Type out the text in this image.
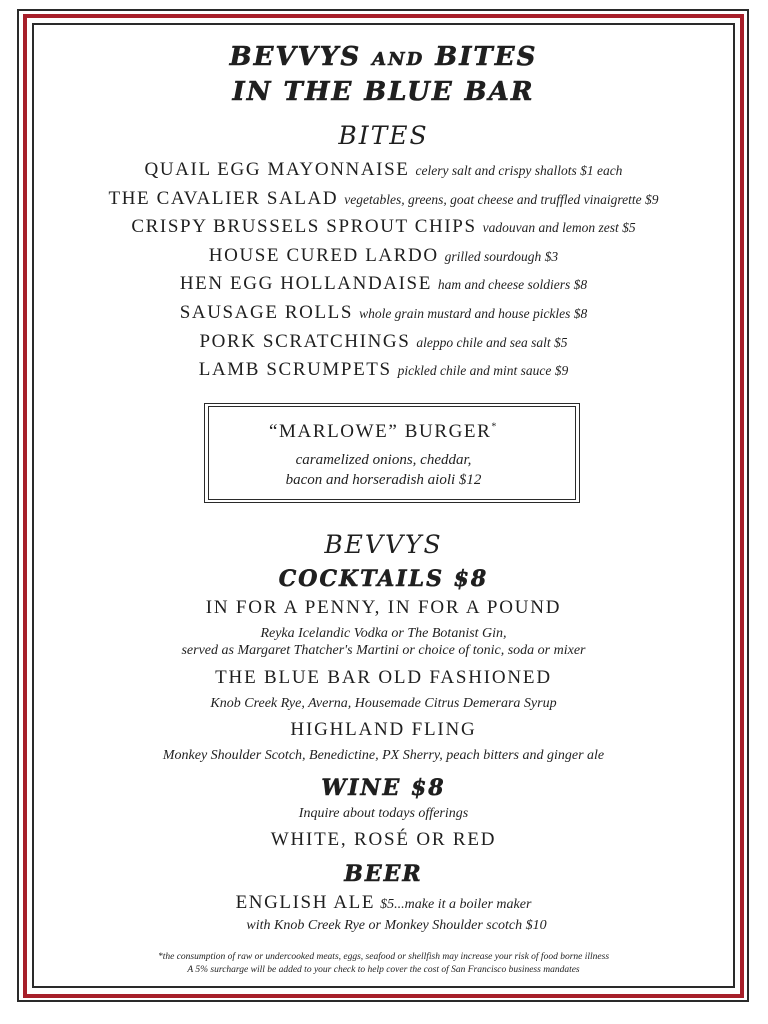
BEVVYS and BITES
IN THE BLUE BAR
BITES
QUAIL EGG MAYONNAISE celery salt and crispy shallots $1 each
THE CAVALIER SALAD vegetables, greens, goat cheese and truffled vinaigrette $9
CRISPY BRUSSELS SPROUT CHIPS vadouvan and lemon zest $5
HOUSE CURED LARDO grilled sourdough $3
HEN EGG HOLLANDAISE ham and cheese soldiers $8
SAUSAGE ROLLS whole grain mustard and house pickles $8
PORK SCRATCHINGS aleppo chile and sea salt $5
LAMB SCRUMPETS pickled chile and mint sauce $9
“MARLOWE” BURGER*
caramelized onions, cheddar,
bacon and horseradish aioli $12
BEVVYS
COCKTAILS $8
IN FOR A PENNY, IN FOR A POUND
Reyka Icelandic Vodka or The Botanist Gin,
served as Margaret Thatcher's Martini or choice of tonic, soda or mixer
THE BLUE BAR OLD FASHIONED
Knob Creek Rye, Averna, Housemade Citrus Demerara Syrup
HIGHLAND FLING
Monkey Shoulder Scotch, Benedictine, PX Sherry, peach bitters and ginger ale
WINE $8
Inquire about todays offerings
WHITE, ROSÉ OR RED
BEER
ENGLISH ALE $5...make it a boiler maker
with Knob Creek Rye or Monkey Shoulder scotch $10
*the consumption of raw or undercooked meats, eggs, seafood or shellfish may increase your risk of food borne illness
A 5% surcharge will be added to your check to help cover the cost of San Francisco business mandates
